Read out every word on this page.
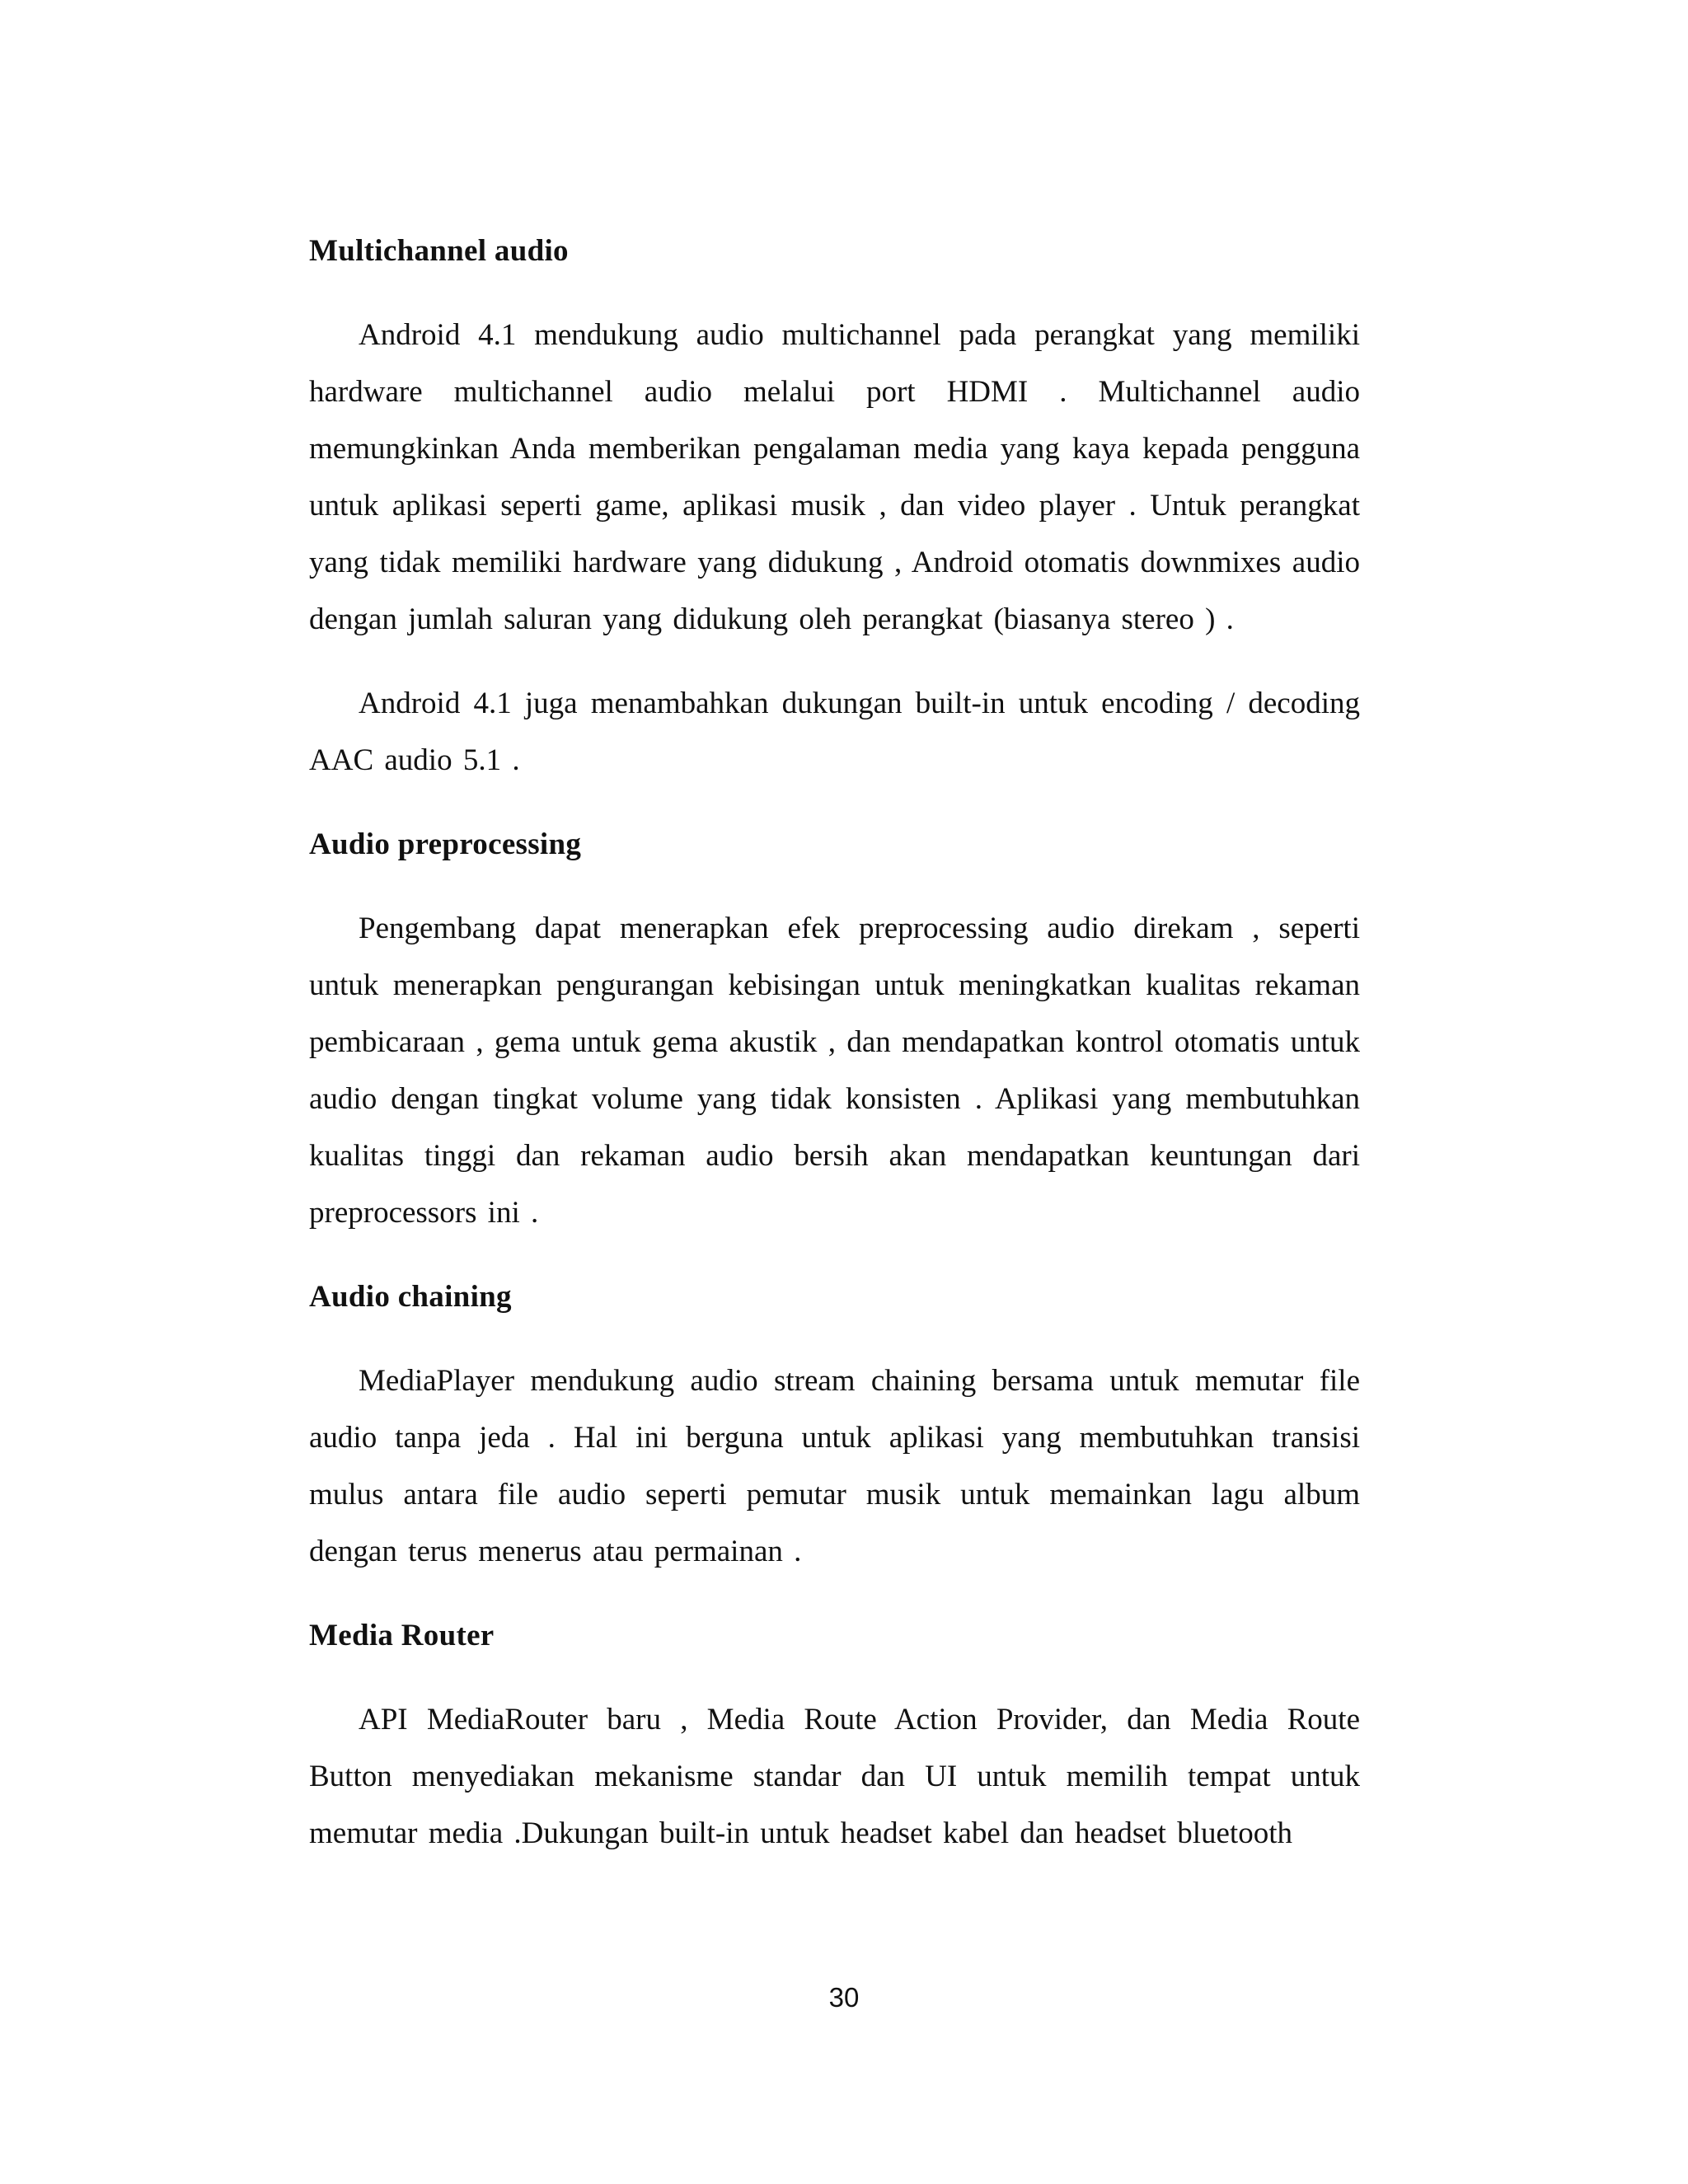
Multichannel audio

Android 4.1 mendukung audio multichannel pada perangkat yang memiliki hardware multichannel audio melalui port HDMI . Multichannel audio memungkinkan Anda memberikan pengalaman media yang kaya kepada pengguna untuk aplikasi seperti game, aplikasi musik , dan video player . Untuk perangkat yang tidak memiliki hardware yang didukung , Android otomatis downmixes audio dengan jumlah saluran yang didukung oleh perangkat (biasanya stereo ) .

Android 4.1 juga menambahkan dukungan built-in untuk encoding / decoding AAC audio 5.1 .

Audio preprocessing

Pengembang dapat menerapkan efek preprocessing audio direkam , seperti untuk menerapkan pengurangan kebisingan untuk meningkatkan kualitas rekaman pembicaraan , gema untuk gema akustik , dan mendapatkan kontrol otomatis untuk audio dengan tingkat volume yang tidak konsisten . Aplikasi yang membutuhkan kualitas tinggi dan rekaman audio bersih akan mendapatkan keuntungan dari preprocessors ini .

Audio chaining

MediaPlayer mendukung audio stream chaining bersama untuk memutar file audio tanpa jeda . Hal ini berguna untuk aplikasi yang membutuhkan transisi mulus antara file audio seperti pemutar musik untuk memainkan lagu album dengan terus menerus atau permainan .

Media Router

API MediaRouter baru , Media Route Action Provider, dan Media Route Button menyediakan mekanisme standar dan UI untuk memilih tempat untuk memutar media .Dukungan built-in untuk headset kabel dan headset bluetooth

30
